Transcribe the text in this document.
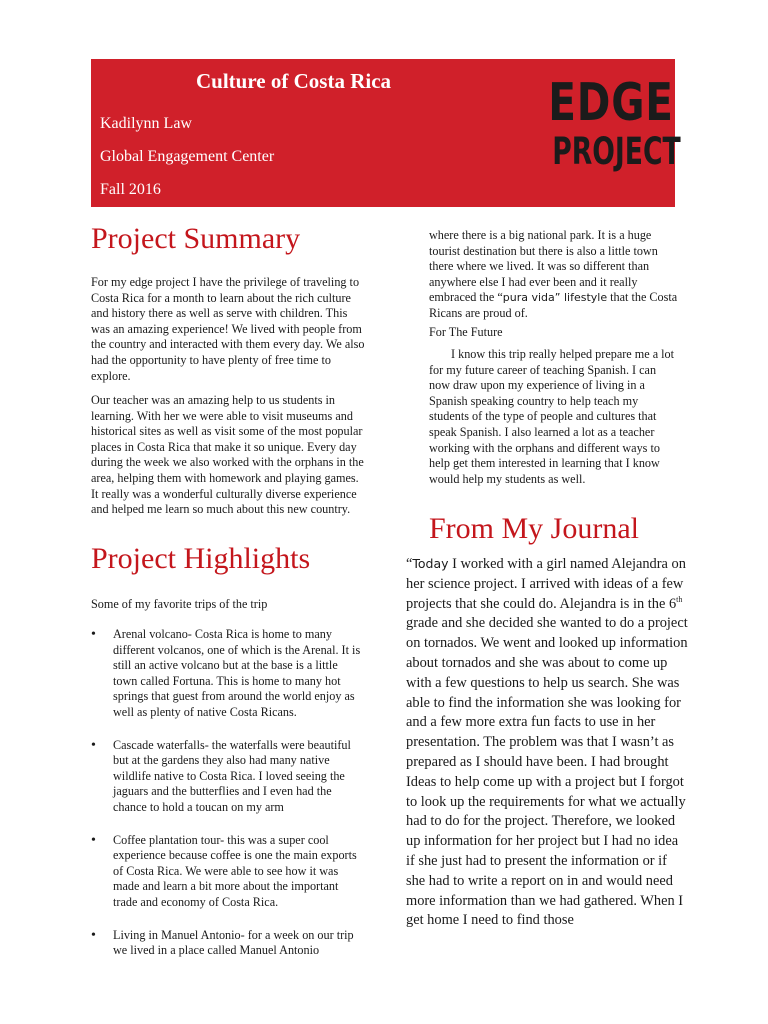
Culture of Costa Rica
Kadilynn Law
Global Engagement Center
Fall 2016
EDGE
PROJECT
Project Summary

For my edge project I have the privilege of traveling to Costa Rica for a month to learn about the rich culture and history there as well as serve with children. This was an amazing experience! We lived with people from the country and interacted with them every day. We also had the opportunity to have plenty of free time to explore.

Our teacher was an amazing help to us students in learning. With her we were able to visit museums and historical sites as well as visit some of the most popular places in Costa Rica that make it so unique. Every day during the week we also worked with the orphans in the area, helping them with homework and playing games. It really was a wonderful culturally diverse experience and helped me learn so much about this new country.

Project Highlights

Some of my favorite trips of the trip

• Arenal volcano- Costa Rica is home to many different volcanos, one of which is the Arenal. It is still an active volcano but at the base is a little town called Fortuna. This is home to many hot springs that guest from around the world enjoy as well as plenty of native Costa Ricans.
• Cascade waterfalls- the waterfalls were beautiful but at the gardens they also had many native wildlife native to Costa Rica. I loved seeing the jaguars and the butterflies and I even had the chance to hold a toucan on my arm
• Coffee plantation tour- this was a super cool experience because coffee is one the main exports of Costa Rica. We were able to see how it was made and learn a bit more about the important trade and economy of Costa Rica.
• Living in Manuel Antonio- for a week on our trip we lived in a place called Manuel Antonio

where there is a big national park. It is a huge tourist destination but there is also a little town there where we lived. It was so different than anywhere else I had ever been and it really embraced the “pura vida” lifestyle that the Costa Ricans are proud of.

For The Future

I know this trip really helped prepare me a lot for my future career of teaching Spanish. I can now draw upon my experience of living in a Spanish speaking country to help teach my students of the type of people and cultures that speak Spanish. I also learned a lot as a teacher working with the orphans and different ways to help get them interested in learning that I know would help my students as well.

From My Journal

“Today I worked with a girl named Alejandra on her science project. I arrived with ideas of a few projects that she could do. Alejandra is in the 6th grade and she decided she wanted to do a project on tornados. We went and looked up information about tornados and she was about to come up with a few questions to help us search. She was able to find the information she was looking for and a few more extra fun facts to use in her presentation. The problem was that I wasn’t as prepared as I should have been. I had brought Ideas to help come up with a project but I forgot to look up the requirements for what we actually had to do for the project. Therefore, we looked up information for her project but I had no idea if she just had to present the information or if she had to write a report on in and would need more information than we had gathered. When I get home I need to find those
